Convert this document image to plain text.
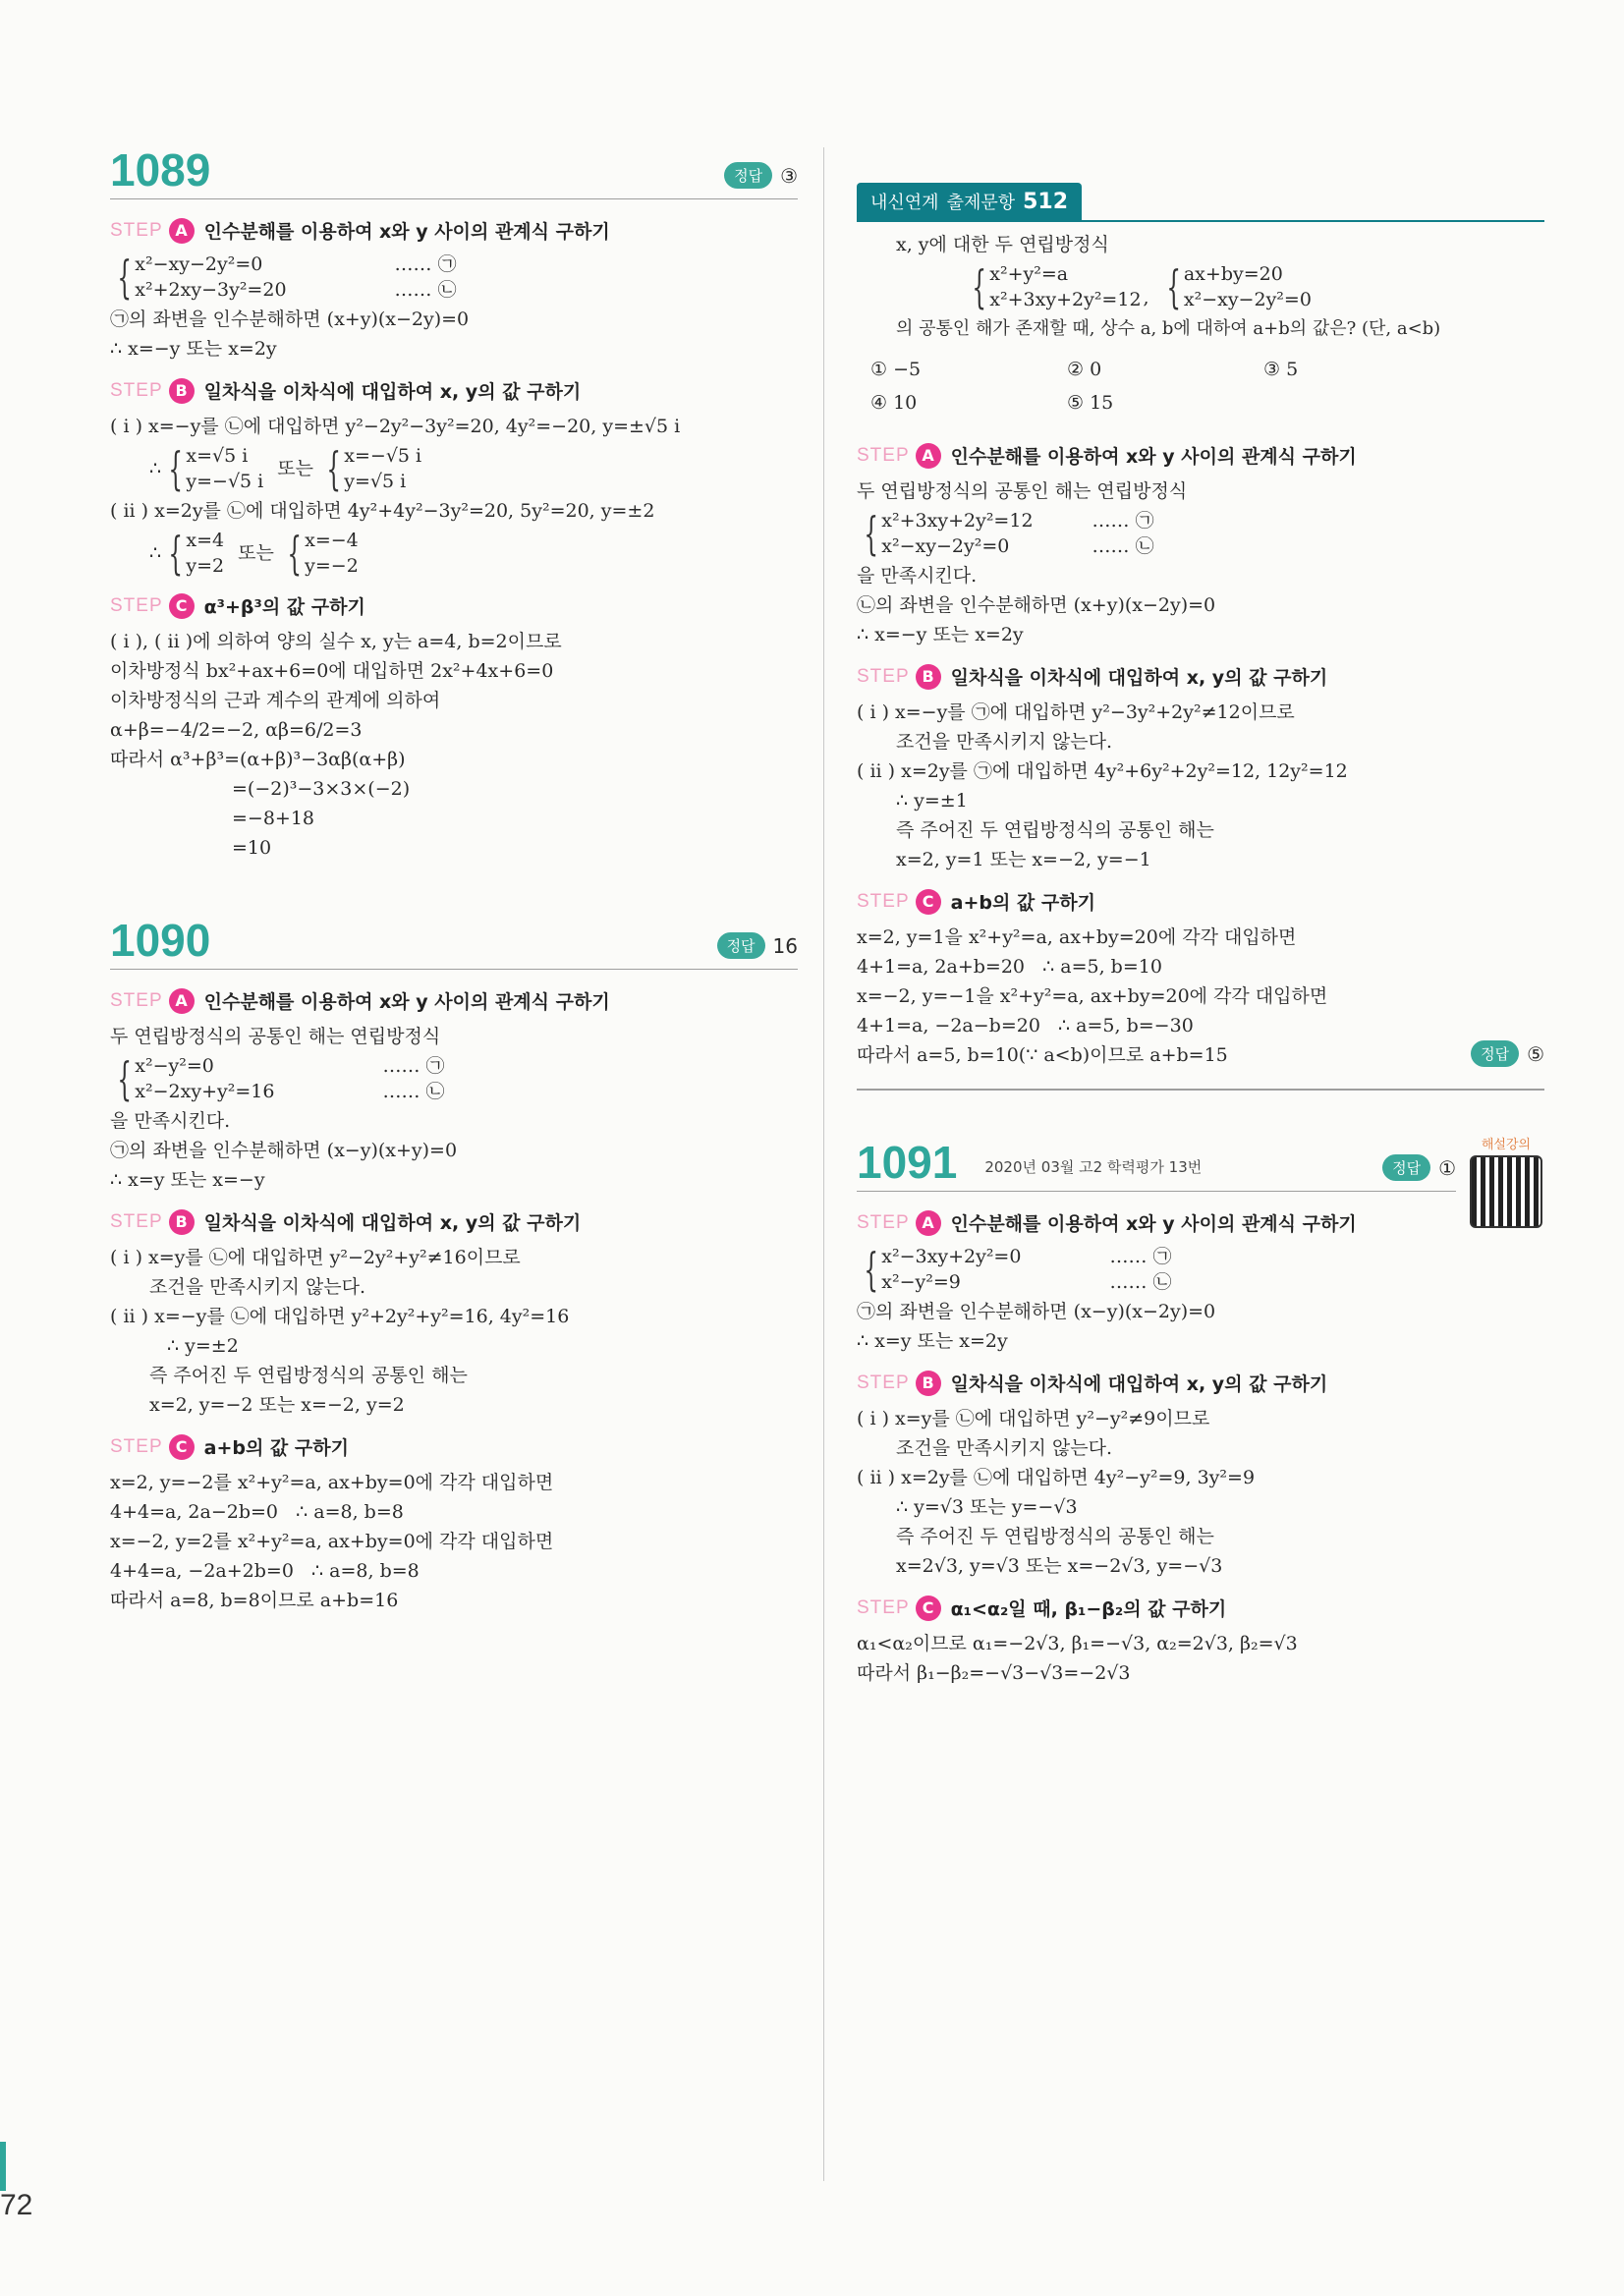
72
1089	정답 ③
STEP A 인수분해를 이용하여 x와 y 사이의 관계식 구하기
{ x²−xy−2y²=0
x²+2xy−3y²=20
…… ㉠
…… ㉡
㉠의 좌변을 인수분해하면 (x+y)(x−2y)=0
∴ x=−y 또는 x=2y
STEP B 일차식을 이차식에 대입하여 x, y의 값 구하기
( i ) x=−y를 ㉡에 대입하면 y²−2y²−3y²=20, 4y²=−20, y=±√5 i
∴ { x=√5 i
y=−√5 i
또는 { x=−√5 i
y=√5 i
( ii ) x=2y를 ㉡에 대입하면 4y²+4y²−3y²=20, 5y²=20, y=±2
∴ { x=4
y=2
또는 { x=−4
y=−2
STEP C α³+β³의 값 구하기
( i ), ( ii )에 의하여 양의 실수 x, y는 a=4, b=2이므로
이차방정식 bx²+ax+6=0에 대입하면 2x²+4x+6=0
이차방정식의 근과 계수의 관계에 의하여
α+β=−4/2=−2, αβ=6/2=3
따라서 α³+β³=(α+β)³−3αβ(α+β)
=(−2)³−3×3×(−2)
=−8+18
=10
1090	정답 16
STEP A 인수분해를 이용하여 x와 y 사이의 관계식 구하기
두 연립방정식의 공통인 해는 연립방정식
{ x²−y²=0
x²−2xy+y²=16
…… ㉠
…… ㉡
을 만족시킨다.
㉠의 좌변을 인수분해하면 (x−y)(x+y)=0
∴ x=y 또는 x=−y
STEP B 일차식을 이차식에 대입하여 x, y의 값 구하기
( i ) x=y를 ㉡에 대입하면 y²−2y²+y²≠16이므로
조건을 만족시키지 않는다.
( ii ) x=−y를 ㉡에 대입하면 y²+2y²+y²=16, 4y²=16
∴ y=±2
즉 주어진 두 연립방정식의 공통인 해는
x=2, y=−2 또는 x=−2, y=2
STEP C a+b의 값 구하기
x=2, y=−2를 x²+y²=a, ax+by=0에 각각 대입하면
4+4=a, 2a−2b=0   ∴ a=8, b=8
x=−2, y=2를 x²+y²=a, ax+by=0에 각각 대입하면
4+4=a, −2a+2b=0   ∴ a=8, b=8
따라서 a=8, b=8이므로 a+b=16
내신연계 출제문항 512
x, y에 대한 두 연립방정식
{ x²+y²=a
x²+3xy+2y²=12 , { ax+by=20
x²−xy−2y²=0
의 공통인 해가 존재할 때, 상수 a, b에 대하여 a+b의 값은? (단, a<b)
① −5	② 0	③ 5
④ 10	⑤ 15
STEP A 인수분해를 이용하여 x와 y 사이의 관계식 구하기
두 연립방정식의 공통인 해는 연립방정식
{ x²+3xy+2y²=12
x²−xy−2y²=0
…… ㉠
…… ㉡
을 만족시킨다.
㉡의 좌변을 인수분해하면 (x+y)(x−2y)=0
∴ x=−y 또는 x=2y
STEP B 일차식을 이차식에 대입하여 x, y의 값 구하기
( i ) x=−y를 ㉠에 대입하면 y²−3y²+2y²≠12이므로
조건을 만족시키지 않는다.
( ii ) x=2y를 ㉠에 대입하면 4y²+6y²+2y²=12, 12y²=12
∴ y=±1
즉 주어진 두 연립방정식의 공통인 해는
x=2, y=1 또는 x=−2, y=−1
STEP C a+b의 값 구하기
x=2, y=1을 x²+y²=a, ax+by=20에 각각 대입하면
4+1=a, 2a+b=20   ∴ a=5, b=10
x=−2, y=−1을 x²+y²=a, ax+by=20에 각각 대입하면
4+1=a, −2a−b=20   ∴ a=5, b=−30
따라서 a=5, b=10(∵ a<b)이므로 a+b=15	정답 ⑤
해설강의
1091 2020년 03월 고2 학력평가 13번	정답 ①
STEP A 인수분해를 이용하여 x와 y 사이의 관계식 구하기
{ x²−3xy+2y²=0
x²−y²=9
…… ㉠
…… ㉡
㉠의 좌변을 인수분해하면 (x−y)(x−2y)=0
∴ x=y 또는 x=2y
STEP B 일차식을 이차식에 대입하여 x, y의 값 구하기
( i ) x=y를 ㉡에 대입하면 y²−y²≠9이므로
조건을 만족시키지 않는다.
( ii ) x=2y를 ㉡에 대입하면 4y²−y²=9, 3y²=9
∴ y=√3 또는 y=−√3
즉 주어진 두 연립방정식의 공통인 해는
x=2√3, y=√3 또는 x=−2√3, y=−√3
STEP C α₁<α₂일 때, β₁−β₂의 값 구하기
α₁<α₂이므로 α₁=−2√3, β₁=−√3, α₂=2√3, β₂=√3
따라서 β₁−β₂=−√3−√3=−2√3
